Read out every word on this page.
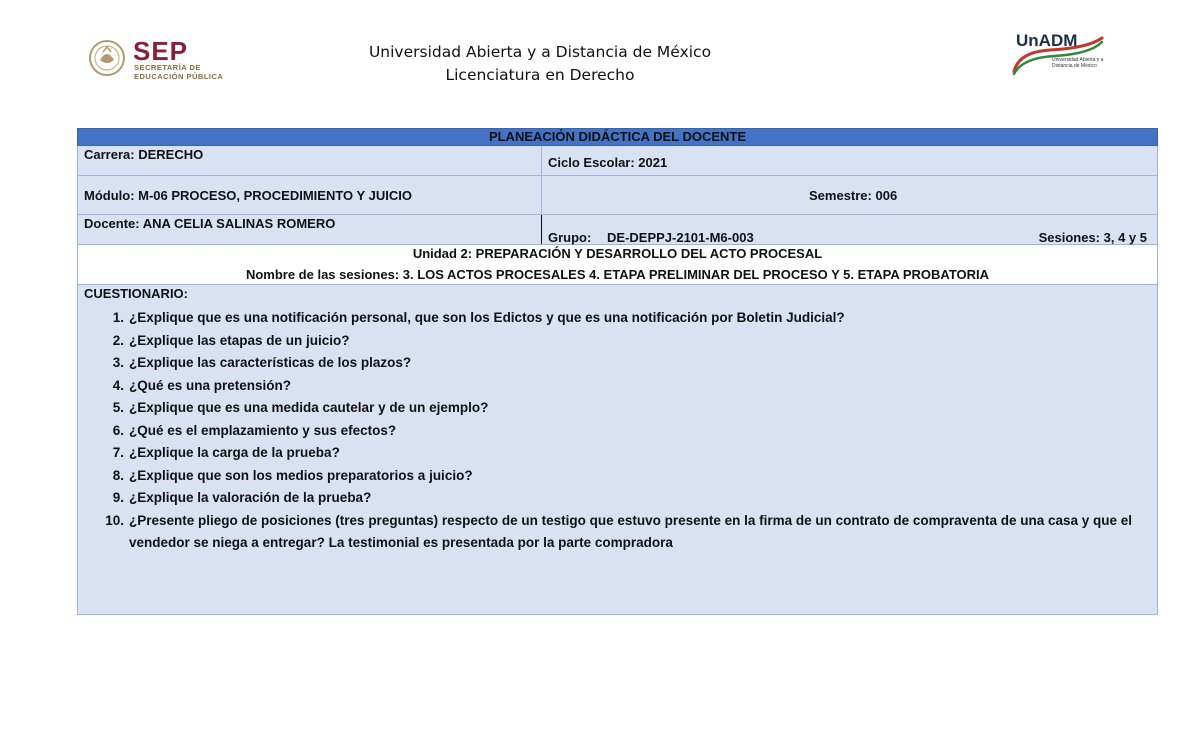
SEP
SECRETARÍA DE
EDUCACIÓN PÚBLICA
Universidad Abierta y a Distancia de México
Licenciatura en Derecho
UnADM
Universidad Abierta y a
Distancia de México
PLANEACIÓN DIDÁCTICA DEL DOCENTE
Carrera: DERECHO
Ciclo Escolar: 2021
Módulo: M-06 PROCESO, PROCEDIMIENTO Y JUICIO	Semestre: 006
Docente: ANA CELIA SALINAS ROMERO
Grupo: DE-DEPPJ-2101-M6-003	Sesiones: 3, 4 y 5
Unidad 2: PREPARACIÓN Y DESARROLLO DEL ACTO PROCESAL
Nombre de las sesiones: 3. LOS ACTOS PROCESALES 4. ETAPA PRELIMINAR DEL PROCESO Y 5. ETAPA PROBATORIA
CUESTIONARIO:
1. ¿Explique que es una notificación personal, que son los Edictos y que es una notificación por Boletin Judicial?
2. ¿Explique las etapas de un juicio?
3. ¿Explique las características de los plazos?
4. ¿Qué es una pretensión?
5. ¿Explique que es una medida cautelar y de un ejemplo?
6. ¿Qué es el emplazamiento y sus efectos?
7. ¿Explique la carga de la prueba?
8. ¿Explique que son los medios preparatorios a juicio?
9. ¿Explique la valoración de la prueba?
10. ¿Presente pliego de posiciones (tres preguntas) respecto de un testigo que estuvo presente en la firma de un contrato de compraventa de una casa y que el vendedor se niega a entregar? La testimonial es presentada por la parte compradora
